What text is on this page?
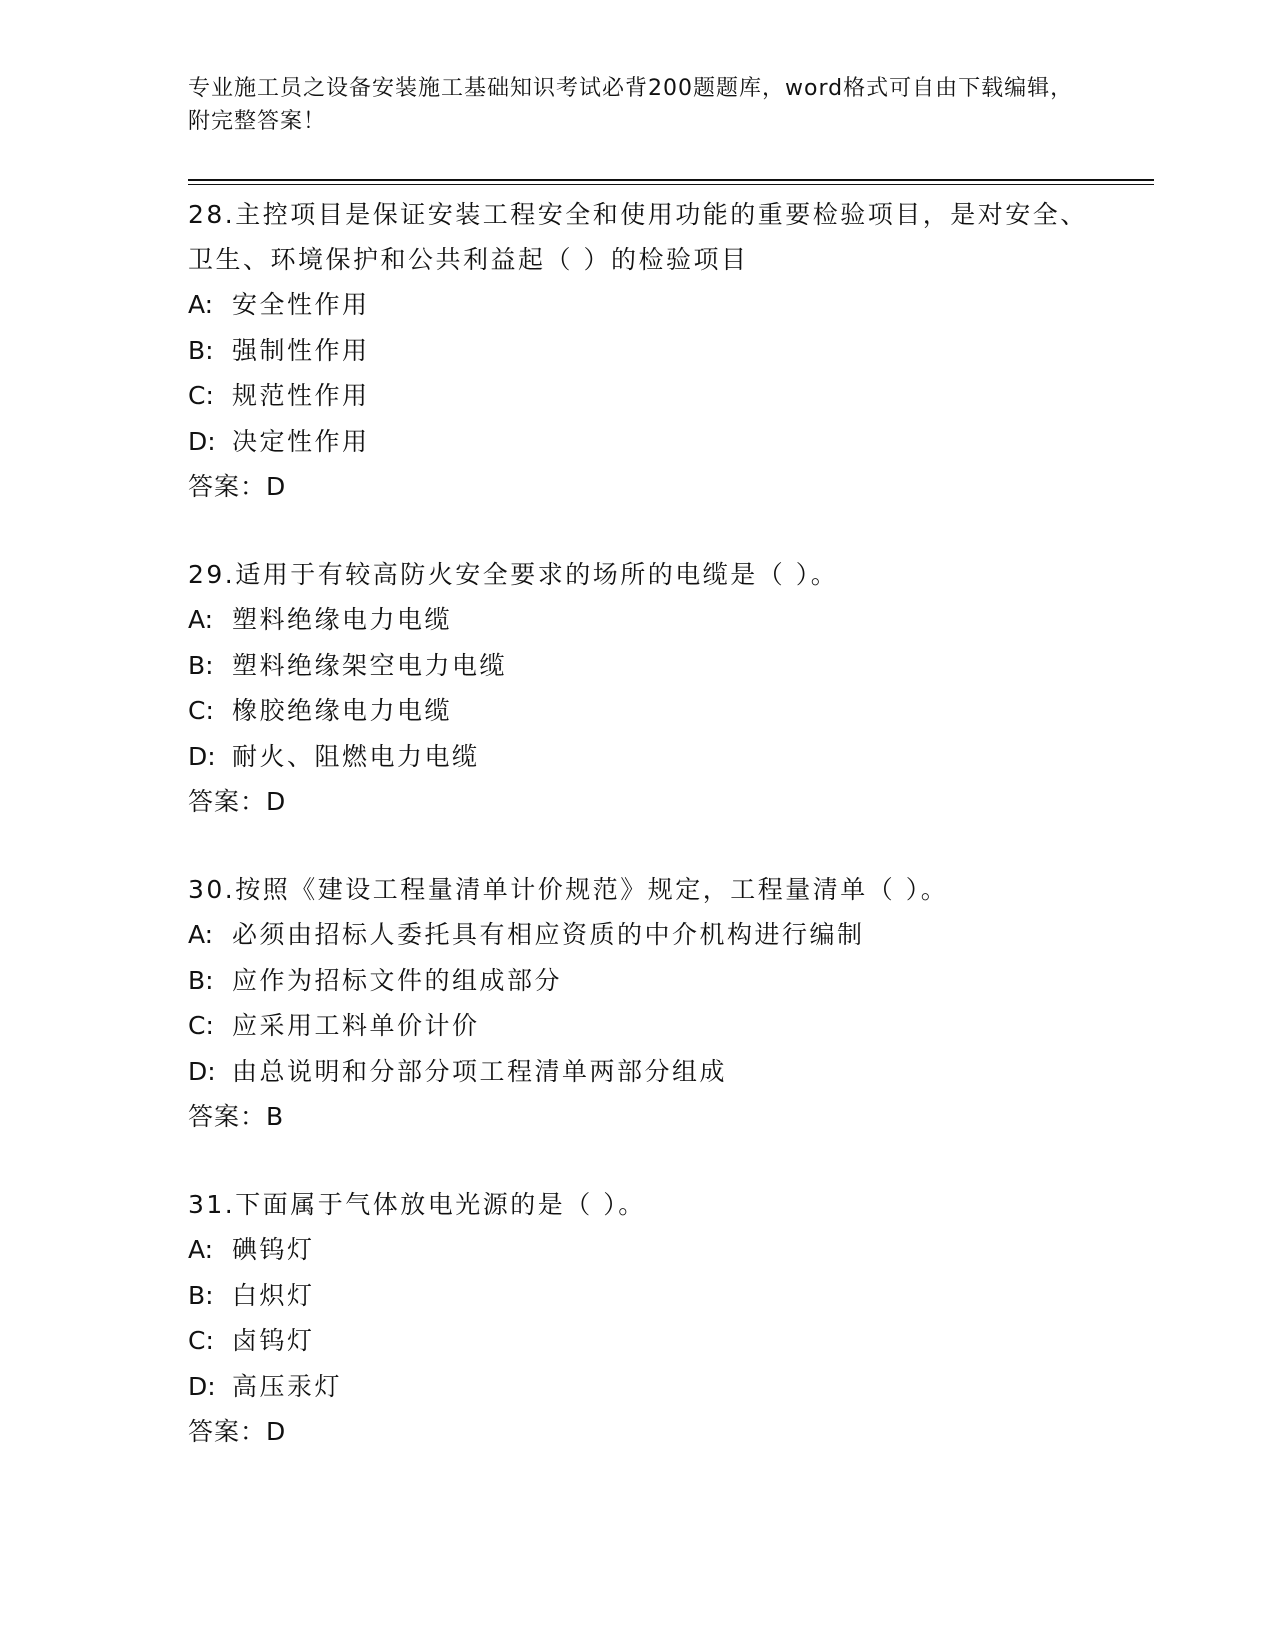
专业施工员之设备安装施工基础知识考试必背200题题库，word格式可自由下载编辑，附完整答案！
28.主控项目是保证安装工程安全和使用功能的重要检验项目，是对安全、卫生、环境保护和公共利益起（ ）的检验项目
A: 安全性作用
B: 强制性作用
C: 规范性作用
D: 决定性作用
答案：D
29.适用于有较高防火安全要求的场所的电缆是（ ）。
A: 塑料绝缘电力电缆
B: 塑料绝缘架空电力电缆
C: 橡胶绝缘电力电缆
D: 耐火、阻燃电力电缆
答案：D
30.按照《建设工程量清单计价规范》规定，工程量清单（ ）。
A: 必须由招标人委托具有相应资质的中介机构进行编制
B: 应作为招标文件的组成部分
C: 应采用工料单价计价
D: 由总说明和分部分项工程清单两部分组成
答案：B
31.下面属于气体放电光源的是（ ）。
A: 碘钨灯
B: 白炽灯
C: 卤钨灯
D: 高压汞灯
答案：D
